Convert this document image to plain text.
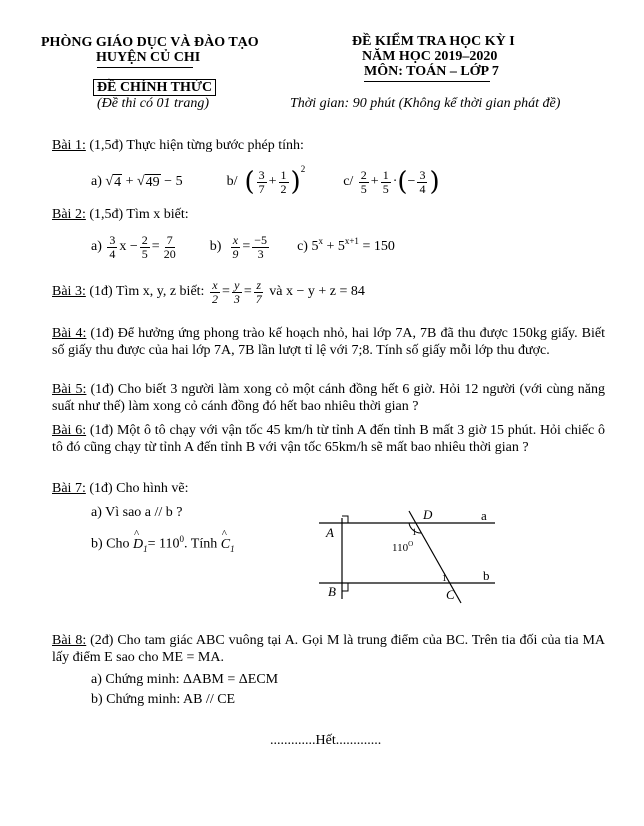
PHÒNG GIÁO DỤC VÀ ĐÀO TẠO
HUYỆN CỦ CHI
ĐỀ KIỂM TRA HỌC KỲ I
NĂM HỌC 2019–2020
MÔN: TOÁN – LỚP 7
ĐỀ CHÍNH THỨC
(Đề thi có 01 trang)	Thời gian: 90 phút (Không kể thời gian phát đề)
Bài 1: (1,5đ) Thực hiện từng bước phép tính:
a)
√ 4
+
√ 49
− 5	b/
( $\frac{3}{7} + \frac{1}{2} )^2$
c/
$\frac{2}{5} + \frac{1}{5}$ · ( − $\frac{3}{4}$ )
Bài 2: (1,5đ) Tìm x biết:
a)
$\frac{3}{4}$ $x - \frac{2}{5} = \frac{7}{20} b$)
$\frac{x}{9} = \frac{-5}{3} c$)
$5^x + 5^{x+1} = 150$
Bài 3:
(1đ) Tìm x, y, z biết:
$\frac{x}{2} = \frac{y}{3} = \frac{z}{7}$
và x − y + z = 84
Bài 4: (1đ) Để hưởng ứng phong trào kế hoạch nhỏ, hai lớp 7A, 7B đã thu được 150kg giấy. Biết số giấy thu được của hai lớp 7A, 7B lần lượt tỉ lệ với 7;8. Tính số giấy mỗi lớp thu được.
Bài 5: (1đ) Cho biết 3 người làm xong cỏ một cánh đồng hết 6 giờ. Hỏi 12 người (với cùng năng suất như thế) làm xong cỏ cánh đồng đó hết bao nhiêu thời gian ?
Bài 6: (1đ) Một ô tô chạy với vận tốc 45 km/h từ tỉnh A đến tỉnh B mất 3 giờ 15 phút. Hỏi chiếc ô tô đó cũng chạy từ tỉnh A đến tỉnh B với vận tốc 65km/h sẽ mất bao nhiêu thời gian ?
Bài 7: (1đ) Cho hình vẽ:
a) Vì sao a // b ?
b) Cho
^
$D_1= 110^0$. Tính
^
$C_1$
A
B
D
C
a
b
1
1
$110^O$
Bài 8: (2đ) Cho tam giác ABC vuông tại A. Gọi M là trung điểm của BC. Trên tia đối của tia MA lấy điểm E sao cho ME = MA.
a) Chứng minh: ΔABM = ΔECM
b) Chứng minh: AB // CE
.............Hết.............
